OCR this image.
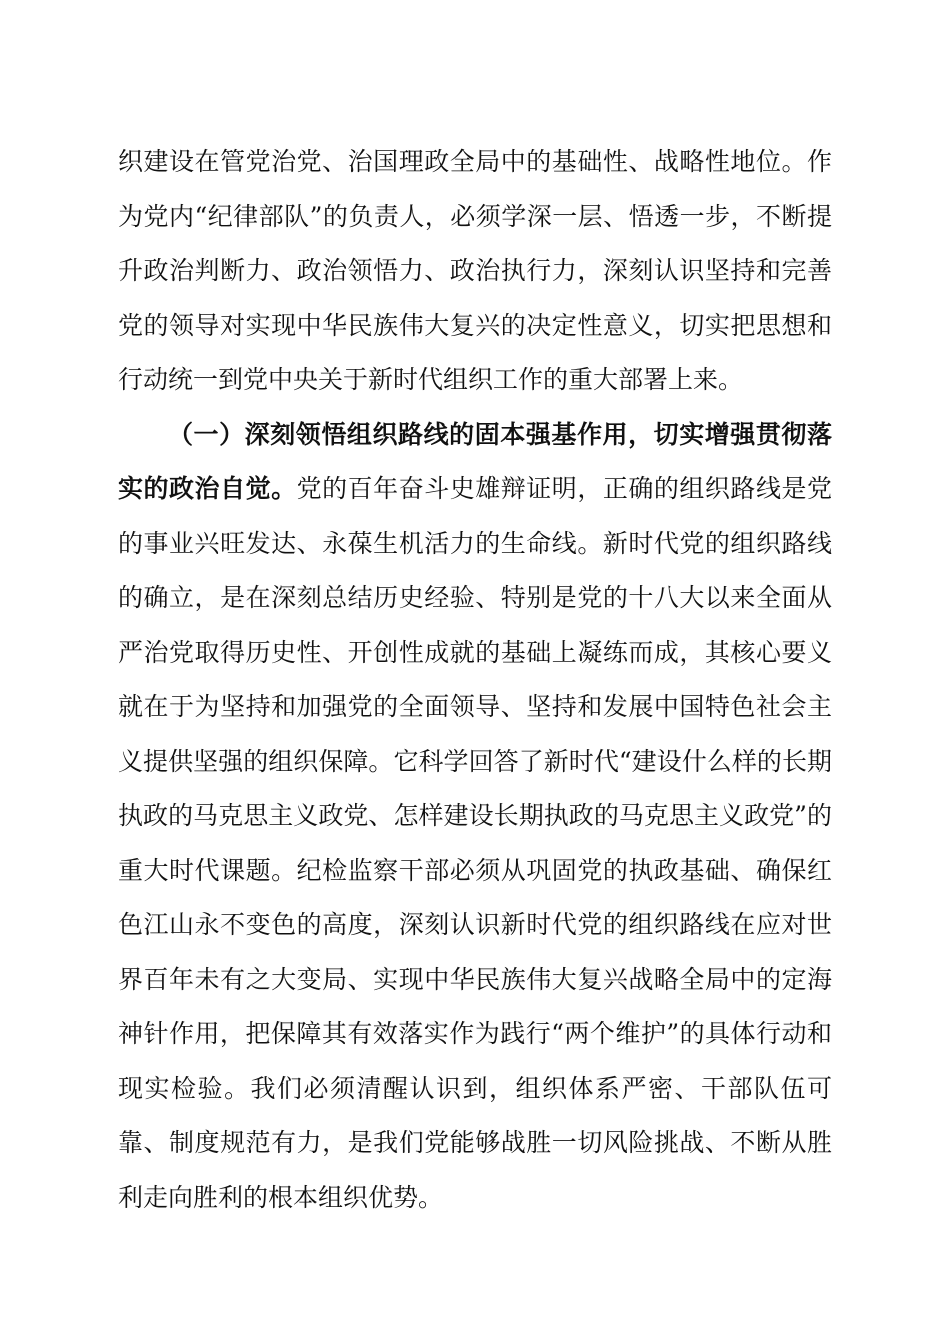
织建设在管党治党、治国理政全局中的基础性、战略性地位。作为党内“纪律部队”的负责人，必须学深一层、悟透一步，不断提升政治判断力、政治领悟力、政治执行力，深刻认识坚持和完善党的领导对实现中华民族伟大复兴的决定性意义，切实把思想和行动统一到党中央关于新时代组织工作的重大部署上来。

（一）深刻领悟组织路线的固本强基作用，切实增强贯彻落实的政治自觉。党的百年奋斗史雄辩证明，正确的组织路线是党的事业兴旺发达、永葆生机活力的生命线。新时代党的组织路线的确立，是在深刻总结历史经验、特别是党的十八大以来全面从严治党取得历史性、开创性成就的基础上凝练而成，其核心要义就在于为坚持和加强党的全面领导、坚持和发展中国特色社会主义提供坚强的组织保障。它科学回答了新时代“建设什么样的长期执政的马克思主义政党、怎样建设长期执政的马克思主义政党”的重大时代课题。纪检监察干部必须从巩固党的执政基础、确保红色江山永不变色的高度，深刻认识新时代党的组织路线在应对世界百年未有之大变局、实现中华民族伟大复兴战略全局中的定海神针作用，把保障其有效落实作为践行“两个维护”的具体行动和现实检验。我们必须清醒认识到，组织体系严密、干部队伍可靠、制度规范有力，是我们党能够战胜一切风险挑战、不断从胜利走向胜利的根本组织优势。
